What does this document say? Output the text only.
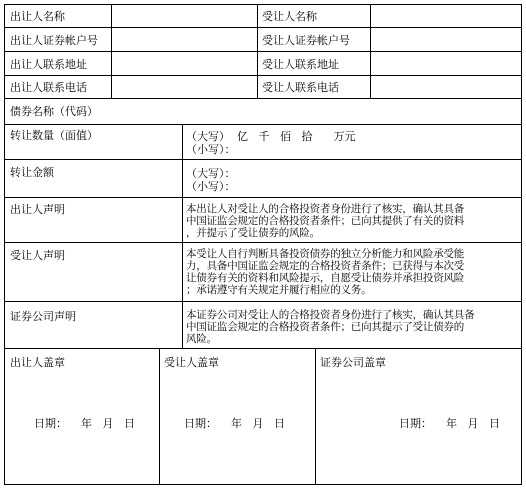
出让人名称	受让人名称
出让人证券帐户号	受让人证券帐户号
出让人联系地址	受让人联系地址
出让人联系电话	受让人联系电话
债券名称（代码）
转让数量（面值）	（大写）  亿   千   佰   拾      万元
（小写）：
转让金额	（大写）：
（小写）：
出让人声明	本出让人对受让人的合格投资者身份进行了核实，确认其具备
中国证监会规定的合格投资者条件；已向其提供了有关的资料
，并提示了受让债券的风险。
受让人声明	本受让人自行判断具备投资债券的独立分析能力和风险承受能
力，具备中国证监会规定的合格投资者条件；已获得与本次受
让债券有关的资料和风险提示，自愿受让债券并承担投资风险
；承诺遵守有关规定并履行相应的义务。
证券公司声明	本证券公司对受让人的合格投资者身份进行了核实，确认其具备
中国证监会规定的合格投资者条件；已向其提示了受让债券的
风险。
出让人盖章
日期：    年   月   日
受让人盖章
日期：    年   月   日
证券公司盖章
日期：    年   月   日
